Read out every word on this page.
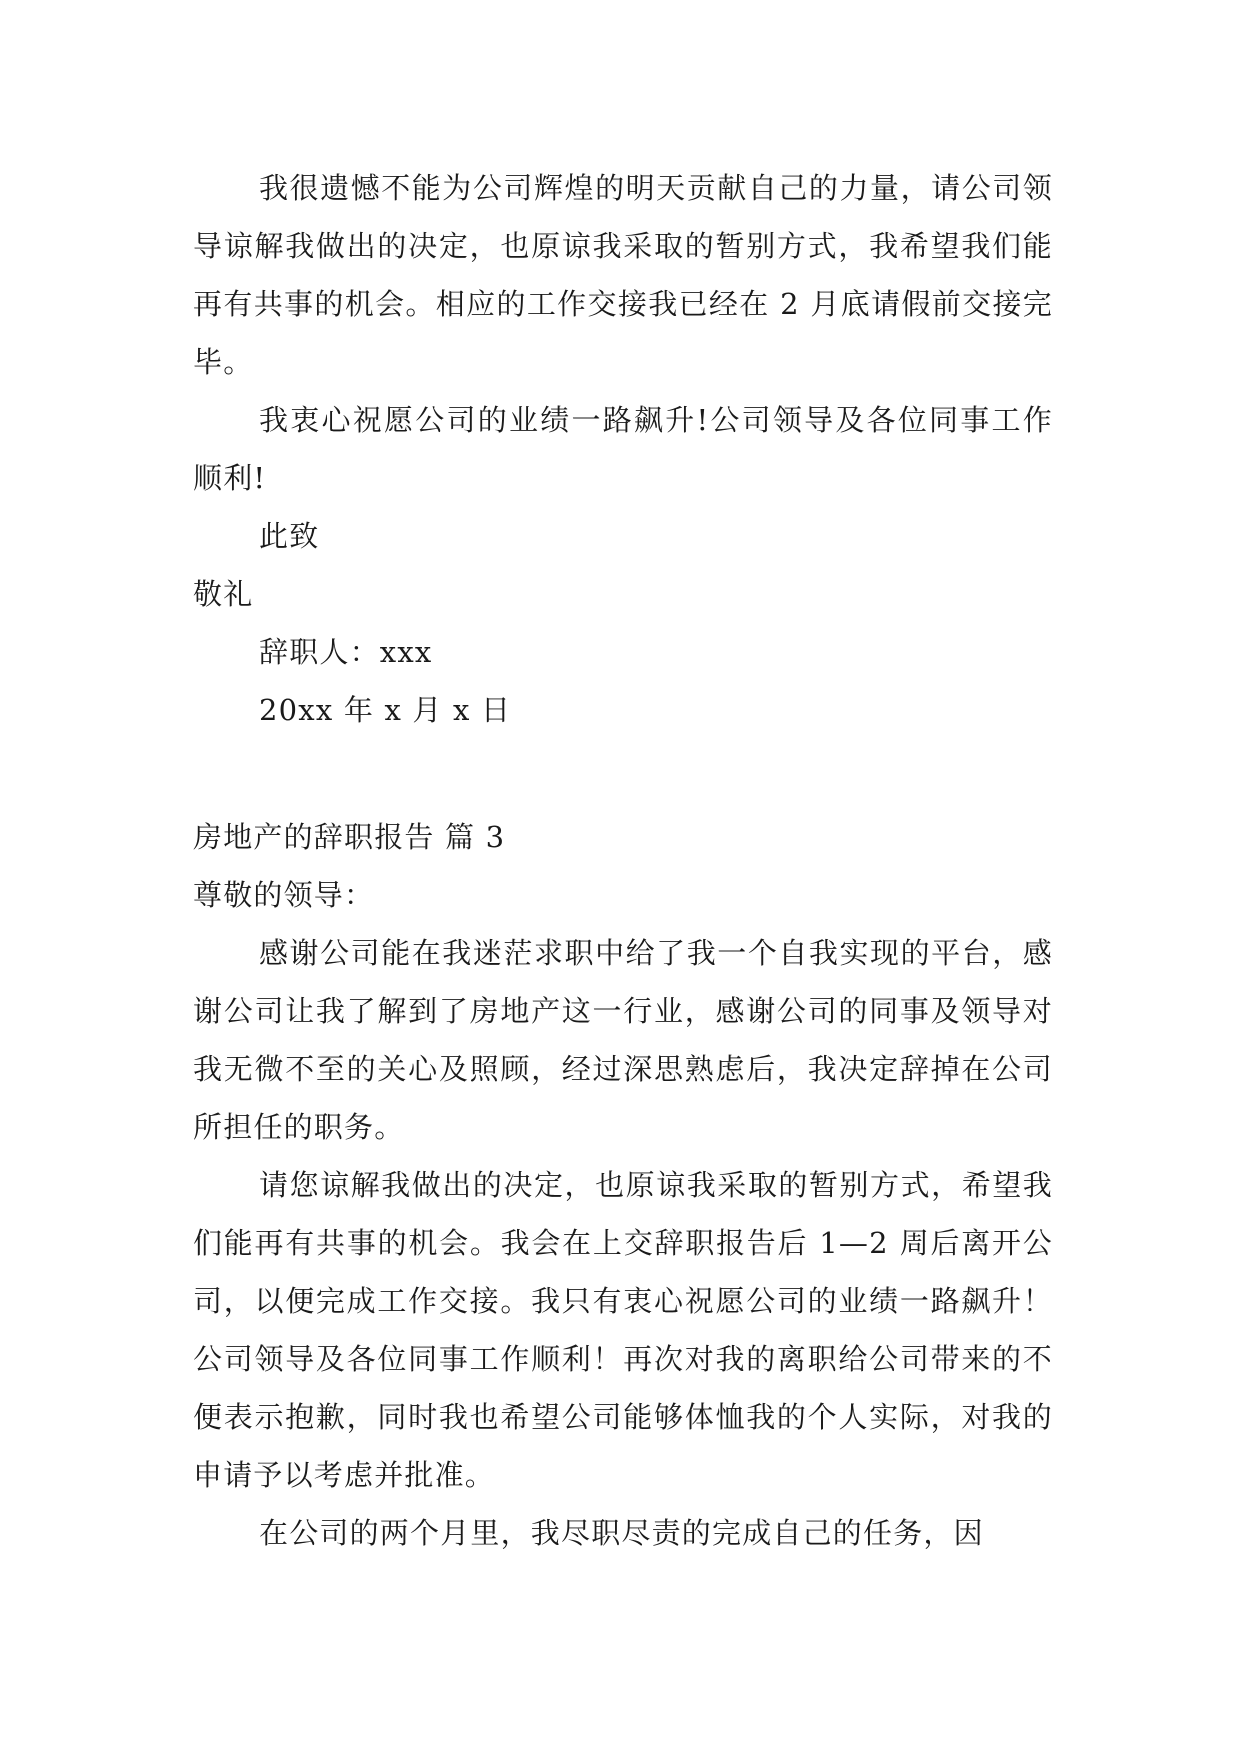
我很遗憾不能为公司辉煌的明天贡献自己的力量，请公司领导谅解我做出的决定，也原谅我采取的暂别方式，我希望我们能再有共事的机会。相应的工作交接我已经在 2 月底请假前交接完毕。

我衷心祝愿公司的业绩一路飙升!公司领导及各位同事工作顺利!

此致

敬礼

辞职人：xxx

20xx 年 x 月 x 日

房地产的辞职报告 篇 3

尊敬的领导：

感谢公司能在我迷茫求职中给了我一个自我实现的平台，感谢公司让我了解到了房地产这一行业，感谢公司的同事及领导对我无微不至的关心及照顾，经过深思熟虑后，我决定辞掉在公司所担任的职务。

请您谅解我做出的决定，也原谅我采取的暂别方式，希望我们能再有共事的机会。我会在上交辞职报告后 1—2 周后离开公司，以便完成工作交接。我只有衷心祝愿公司的业绩一路飙升！公司领导及各位同事工作顺利！再次对我的离职给公司带来的不便表示抱歉，同时我也希望公司能够体恤我的个人实际，对我的申请予以考虑并批准。

在公司的两个月里，我尽职尽责的完成自己的任务，因
